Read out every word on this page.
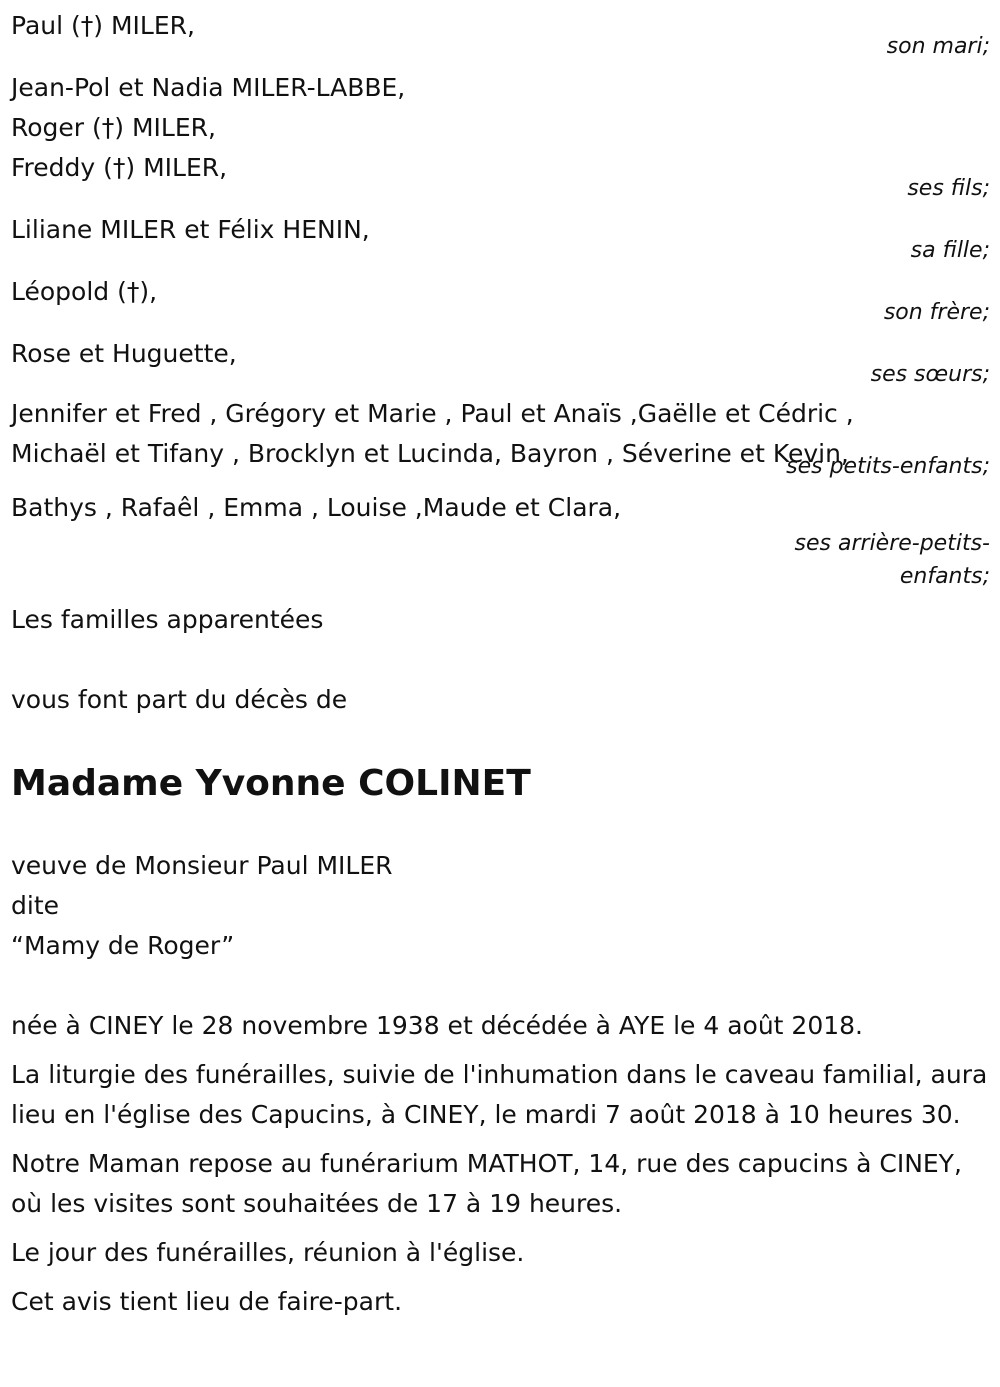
Paul (†) MILER,
son mari;
Jean-Pol et Nadia MILER-LABBE,
Roger (†) MILER,
Freddy (†) MILER,
ses fils;
Liliane MILER et Félix HENIN,
sa fille;
Léopold (†),
son frère;
Rose et Huguette,
ses sœurs;
Jennifer et Fred , Grégory et Marie , Paul et Anaïs ,Gaëlle et Cédric ,
Michaël et Tifany , Brocklyn et Lucinda, Bayron , Séverine et Kevin,
ses petits-enfants;
Bathys , Rafaêl , Emma , Louise ,Maude et Clara,
ses arrière-petits-
enfants;
Les familles apparentées
vous font part du décès de
Madame Yvonne COLINET
veuve de Monsieur Paul MILER
dite
“Mamy de Roger”

née à CINEY le 28 novembre 1938 et décédée à AYE le 4 août 2018.

La liturgie des funérailles, suivie de l'inhumation dans le caveau familial, aura lieu en l'église des Capucins, à CINEY, le mardi 7 août 2018 à 10 heures 30.

Notre Maman repose au funérarium MATHOT, 14, rue des capucins à CINEY, où les visites sont souhaitées de 17 à 19 heures.

Le jour des funérailles, réunion à l'église.

Cet avis tient lieu de faire-part.
